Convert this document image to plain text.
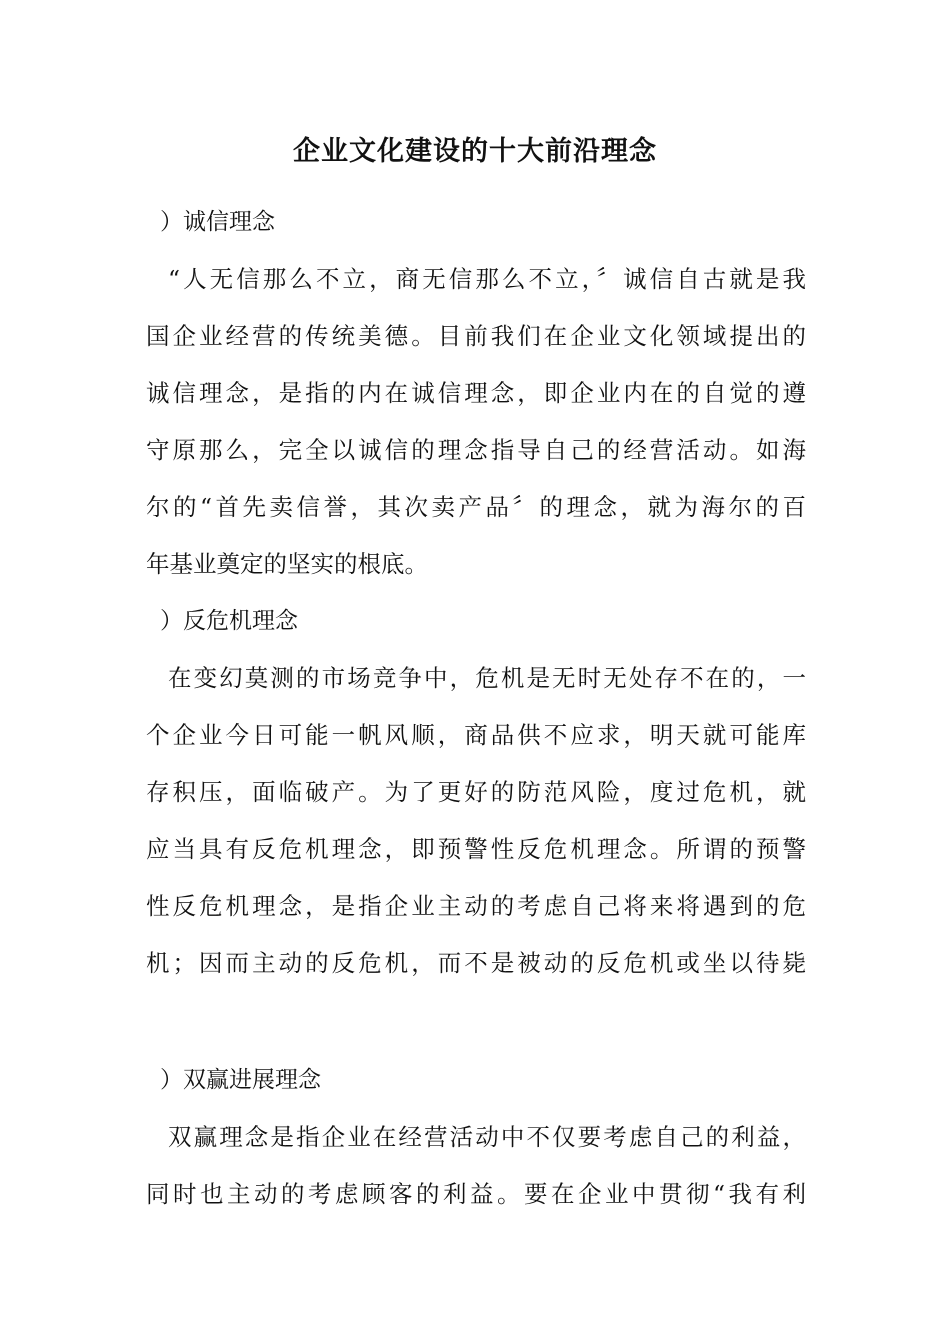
企业文化建设的十大前沿理念
）诚信理念
“人无信那么不立，商无信那么不立，〞诚信自古就是我
国企业经营的传统美德。目前我们在企业文化领域提出的
诚信理念，是指的内在诚信理念，即企业内在的自觉的遵
守原那么，完全以诚信的理念指导自己的经营活动。如海
尔的“首先卖信誉，其次卖产品〞的理念，就为海尔的百
年基业奠定的坚实的根底。
）反危机理念
在变幻莫测的市场竞争中，危机是无时无处存不在的，一
个企业今日可能一帆风顺，商品供不应求，明天就可能库
存积压，面临破产。为了更好的防范风险，度过危机，就
应当具有反危机理念，即预警性反危机理念。所谓的预警
性反危机理念，是指企业主动的考虑自己将来将遇到的危
机；因而主动的反危机，而不是被动的反危机或坐以待毙
）双赢进展理念
双赢理念是指企业在经营活动中不仅要考虑自己的利益，
同时也主动的考虑顾客的利益。要在企业中贯彻“我有利
